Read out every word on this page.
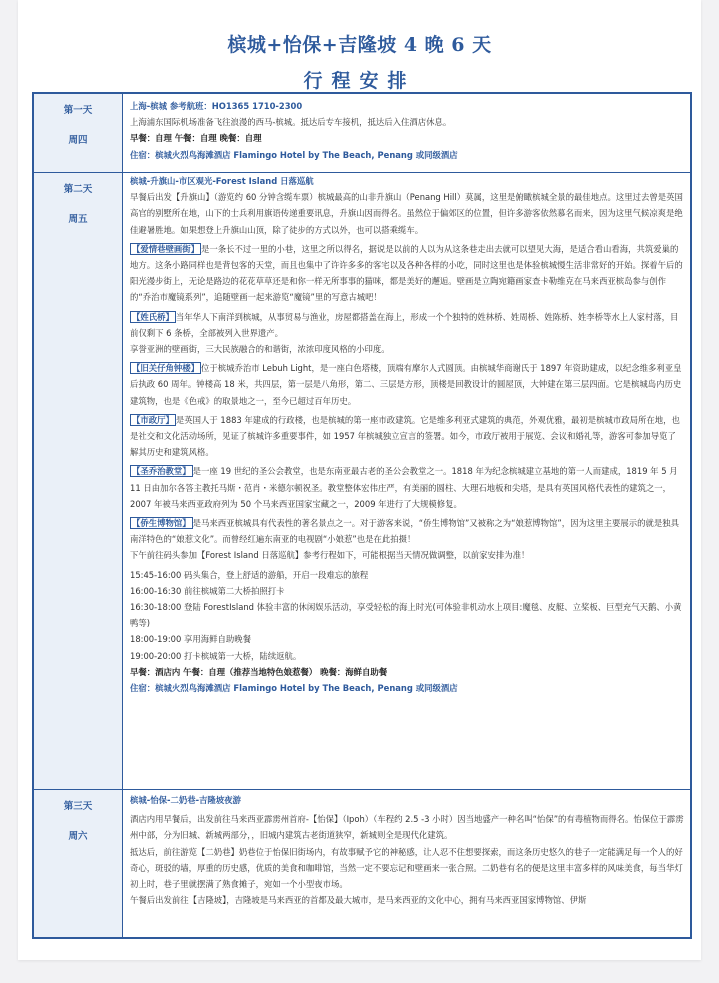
槟城+怡保+吉隆坡 4 晚 6 天
行程安排
第一天
周四

上海-槟城 参考航班：HO1365 1710-2300

上海浦东国际机场准备飞往浪漫的西马-槟城。抵达后专车接机，抵达后入住酒店休息。

早餐：自理 午餐：自理 晚餐：自理

住宿：槟城火烈鸟海滩酒店 Flamingo Hotel by The Beach, Penang 或同级酒店

第二天
周五

槟城-升旗山-市区观光-Forest Island 日落巡航

早餐后出发【升旗山】（游览约 60 分钟含缆车票）槟城最高的山非升旗山（Penang Hill）莫属，这里是俯瞰槟城全景的最佳地点。这里过去曾是英国高官的别墅所在地，山下的士兵利用旗语传递重要讯息，升旗山因而得名。虽然位于偏郊区的位置，但许多游客依然慕名而来，因为这里气候凉爽是绝佳避暑胜地。如果想登上升旗山山顶，除了徒步的方式以外，也可以搭乘缆车。

【爱情巷壁画街】 是一条长不过一里的小巷，这里之所以得名，据说是以前的人以为从这条巷走出去就可以望见大海，是适合看山看海，共筑爱巢的地方。这条小路同样也是背包客的天堂，而且也集中了许许多多的客宅以及各种各样的小吃，同时这里也是体验槟城慢生活非常好的开始。探着午后的阳光漫步街上，无论是路边的花花草草还是和你一样无所事事的猫咪，都是美好的邂逅。壁画是立陶宛籍画家查卡勒维克在马来西亚槟岛参与创作的“乔治市魔镜系列”，追随壁画一起来游览“魔镜”里的写意古城吧！

【姓氏桥】 当年华人下南洋到槟城，从事贸易与渔业，房屋都搭盖在海上，形成一个个独特的姓林桥、姓周桥、姓陈桥、姓李桥等水上人家村落，目前仅剩下 6 条桥，全部被列入世界遗产。

享誉亚洲的壁画街，三大民族融合的和谐街，浓浓印度风格的小印度。

【旧关仔角钟楼】 位于槟城乔治市 Lebuh Light，是一座白色塔楼，顶端有摩尔人式圆顶。由槟城华商谢氏于 1897 年资助建成，以纪念维多利亚皇后执政 60 周年。钟楼高 18 米，共四层，第一层是八角形，第二、三层是方形，顶楼是回教设计的圆屋顶，大钟建在第三层四面。它是槟城岛内历史建筑物，也是《色戒》的取景地之一，至今已超过百年历史。

【市政厅】 是英国人于 1883 年建成的行政楼，也是槟城的第一座市政建筑。它是维多利亚式建筑的典范，外观优雅，最初是槟城市政局所在地，也是社交和文化活动场所，见证了槟城许多重要事件，如 1957 年槟城独立宣言的签署。如今，市政厅被用于展览、会议和婚礼等，游客可参加导览了解其历史和建筑风格。

【圣乔治教堂】 是一座 19 世纪的圣公会教堂，也是东南亚最古老的圣公会教堂之一。1818 年为纪念槟城建立基地的第一人而建成，1819 年 5 月 11 日由加尔各答主教托马斯・范肖・米德尔顿祝圣。教堂整体宏伟庄严，有美丽的圆柱、大理石地板和尖塔，是具有英国风格代表性的建筑之一，2007 年被马来西亚政府列为 50 个马来西亚国家宝藏之一，2009 年进行了大规模修复。

【侨生博物馆】 是马来西亚槟城具有代表性的著名景点之一。对于游客来说，“侨生博物馆”又被称之为“娘惹博物馆”，因为这里主要展示的就是独具南洋特色的“娘惹文化”。而曾经红遍东南亚的电视剧“小娘惹”也是在此拍摄！

下午前往码头参加【Forest Island 日落巡航】参考行程如下，可能根据当天情况做调整，以前家安排为准！

15:45-16:00 码头集合，登上舒适的游船，开启一段难忘的旅程

16:00-16:30 前往槟城第二大桥拍照打卡

16:30-18:00 登陆 ForestIsland 体验丰富的休闲娱乐活动，享受轻松的海上时光(可体验非机动水上项目:魔毯、皮艇、立桨板、巨型充气天鹅、小黄鸭等)

18:00-19:00 享用海鲜自助晚餐

19:00-20:00 打卡槟城第一大桥，陆续返航。

早餐：酒店内 午餐：自理（推荐当地特色娘惹餐） 晚餐：海鲜自助餐

住宿：槟城火烈鸟海滩酒店 Flamingo Hotel by The Beach, Penang 或同级酒店

第三天
周六

槟城-怡保-二奶巷-吉隆坡夜游

酒店内用早餐后，出发前往马来西亚霹雳州首府-【怡保】（Ipoh）（车程约 2.5 -3 小时）因当地盛产一种名叫“怡保”的有毒植物而得名。怡保位于霹雳州中部，分为旧城、新城两部分，，旧城内建筑古老街道狭窄，新城则全是现代化建筑。

抵达后，前往游览【二奶巷】奶巷位于怡保旧街场内，有故事赋予它的神秘感，让人忍不住想要探索，而这条历史悠久的巷子一定能满足每一个人的好奇心，斑驳的墙，厚重的历史感，优质的美食和咖啡馆，当然一定不要忘记和壁画来一张合照。二奶巷有名的便是这里丰富多样的风味美食，每当华灯初上时，巷子里就摆满了熟食摊子，宛如一个小型夜市场。

午餐后出发前往【吉隆坡】，吉隆坡是马来西亚的首都及最大城市，是马来西亚的文化中心，拥有马来西亚国家博物馆、伊斯
